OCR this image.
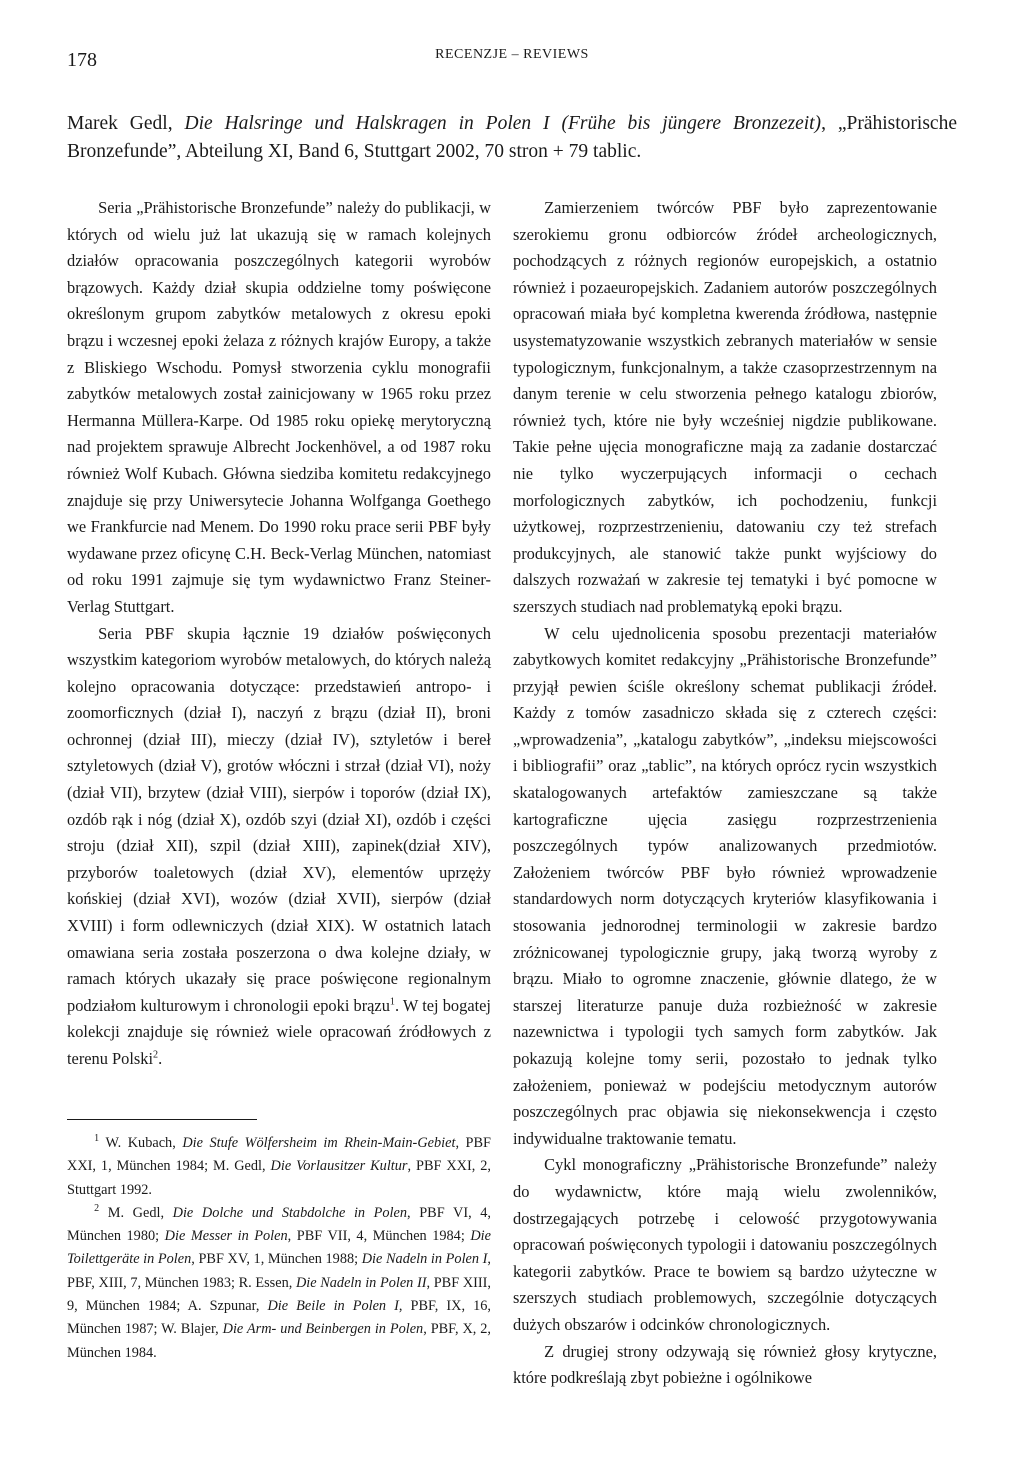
178	RECENZJE – REVIEWS

Marek Gedl, Die Halsringe und Halskragen in Polen I (Frühe bis jüngere Bronzezeit), „Prähistorische Bronzefunde”, Abteilung XI, Band 6, Stuttgart 2002, 70 stron + 79 tablic.

Seria „Prähistorische Bronzefunde” należy do publikacji, w których od wielu już lat ukazują się w ramach kolejnych działów opracowania poszczególnych kategorii wyrobów brązowych. Każdy dział skupia oddzielne tomy poświęcone określonym grupom zabytków metalowych z okresu epoki brązu i wczesnej epoki żelaza z różnych krajów Europy, a także z Bliskiego Wschodu. Pomysł stworzenia cyklu monografii zabytków metalowych został zainicjowany w 1965 roku przez Hermanna Müllera-Karpe. Od 1985 roku opiekę merytoryczną nad projektem sprawuje Albrecht Jockenhövel, a od 1987 roku również Wolf Kubach. Główna siedziba komitetu redakcyjnego znajduje się przy Uniwersytecie Johanna Wolfganga Goethego we Frankfurcie nad Menem. Do 1990 roku prace serii PBF były wydawane przez oficynę C.H. Beck-Verlag München, natomiast od roku 1991 zajmuje się tym wydawnictwo Franz Steiner-Verlag Stuttgart.

Seria PBF skupia łącznie 19 działów poświęconych wszystkim kategoriom wyrobów metalowych, do których należą kolejno opracowania dotyczące: przedstawień antropo- i zoomorficznych (dział I), naczyń z brązu (dział II), broni ochronnej (dział III), mieczy (dział IV), sztyletów i bereł sztyletowych (dział V), grotów włóczni i strzał (dział VI), noży (dział VII), brzytew (dział VIII), sierpów i toporów (dział IX), ozdób rąk i nóg (dział X), ozdób szyi (dział XI), ozdób i części stroju (dział XII), szpil (dział XIII), zapinek(dział XIV), przyborów toaletowych (dział XV), elementów uprzęży końskiej (dział XVI), wozów (dział XVII), sierpów (dział XVIII) i form odlewniczych (dział XIX). W ostatnich latach omawiana seria została poszerzona o dwa kolejne działy, w ramach których ukazały się prace poświęcone regionalnym podziałom kulturowym i chronologii epoki brązu$^1$. W tej bogatej kolekcji znajduje się również wiele opracowań źródłowych z terenu Polski$^2$.

$^1$ W. Kubach, Die Stufe Wölfersheim im Rhein-Main-Gebiet, PBF XXI, 1, München 1984; M. Gedl, Die Vorlausitzer Kultur, PBF XXI, 2, Stuttgart 1992.

$^2$ M. Gedl, Die Dolche und Stabdolche in Polen, PBF VI, 4, München 1980; Die Messer in Polen, PBF VII, 4, München 1984; Die Toilettgeräte in Polen, PBF XV, 1, München 1988; Die Nadeln in Polen I, PBF, XIII, 7, München 1983; R. Essen, Die Nadeln in Polen II, PBF XIII, 9, München 1984; A. Szpunar, Die Beile in Polen I, PBF, IX, 16, München 1987; W. Blajer, Die Arm- und Beinbergen in Polen, PBF, X, 2, München 1984.

Zamierzeniem twórców PBF było zaprezentowanie szerokiemu gronu odbiorców źródeł archeologicznych, pochodzących z różnych regionów europejskich, a ostatnio również i pozaeuropejskich. Zadaniem autorów poszczególnych opracowań miała być kompletna kwerenda źródłowa, następnie usystematyzowanie wszystkich zebranych materiałów w sensie typologicznym, funkcjonalnym, a także czasoprzestrzennym na danym terenie w celu stworzenia pełnego katalogu zbiorów, również tych, które nie były wcześniej nigdzie publikowane. Takie pełne ujęcia monograficzne mają za zadanie dostarczać nie tylko wyczerpujących informacji o cechach morfologicznych zabytków, ich pochodzeniu, funkcji użytkowej, rozprzestrzenieniu, datowaniu czy też strefach produkcyjnych, ale stanowić także punkt wyjściowy do dalszych rozważań w zakresie tej tematyki i być pomocne w szerszych studiach nad problematyką epoki brązu.

W celu ujednolicenia sposobu prezentacji materiałów zabytkowych komitet redakcyjny „Prähistorische Bronzefunde” przyjął pewien ściśle określony schemat publikacji źródeł. Każdy z tomów zasadniczo składa się z czterech części: „wprowadzenia”, „katalogu zabytków”, „indeksu miejscowości i bibliografii” oraz „tablic”, na których oprócz rycin wszystkich skatalogowanych artefaktów zamieszczane są także kartograficzne ujęcia zasięgu rozprzestrzenienia poszczególnych typów analizowanych przedmiotów. Założeniem twórców PBF było również wprowadzenie standardowych norm dotyczących kryteriów klasyfikowania i stosowania jednorodnej terminologii w zakresie bardzo zróżnicowanej typologicznie grupy, jaką tworzą wyroby z brązu. Miało to ogromne znaczenie, głównie dlatego, że w starszej literaturze panuje duża rozbieżność w zakresie nazewnictwa i typologii tych samych form zabytków. Jak pokazują kolejne tomy serii, pozostało to jednak tylko założeniem, ponieważ w podejściu metodycznym autorów poszczególnych prac objawia się niekonsekwencja i często indywidualne traktowanie tematu.

Cykl monograficzny „Prähistorische Bronzefunde” należy do wydawnictw, które mają wielu zwolenników, dostrzegających potrzebę i celowość przygotowywania opracowań poświęconych typologii i datowaniu poszczególnych kategorii zabytków. Prace te bowiem są bardzo użyteczne w szerszych studiach problemowych, szczególnie dotyczących dużych obszarów i odcinków chronologicznych.

Z drugiej strony odzywają się również głosy krytyczne, które podkreślają zbyt pobieżne i ogólnikowe
